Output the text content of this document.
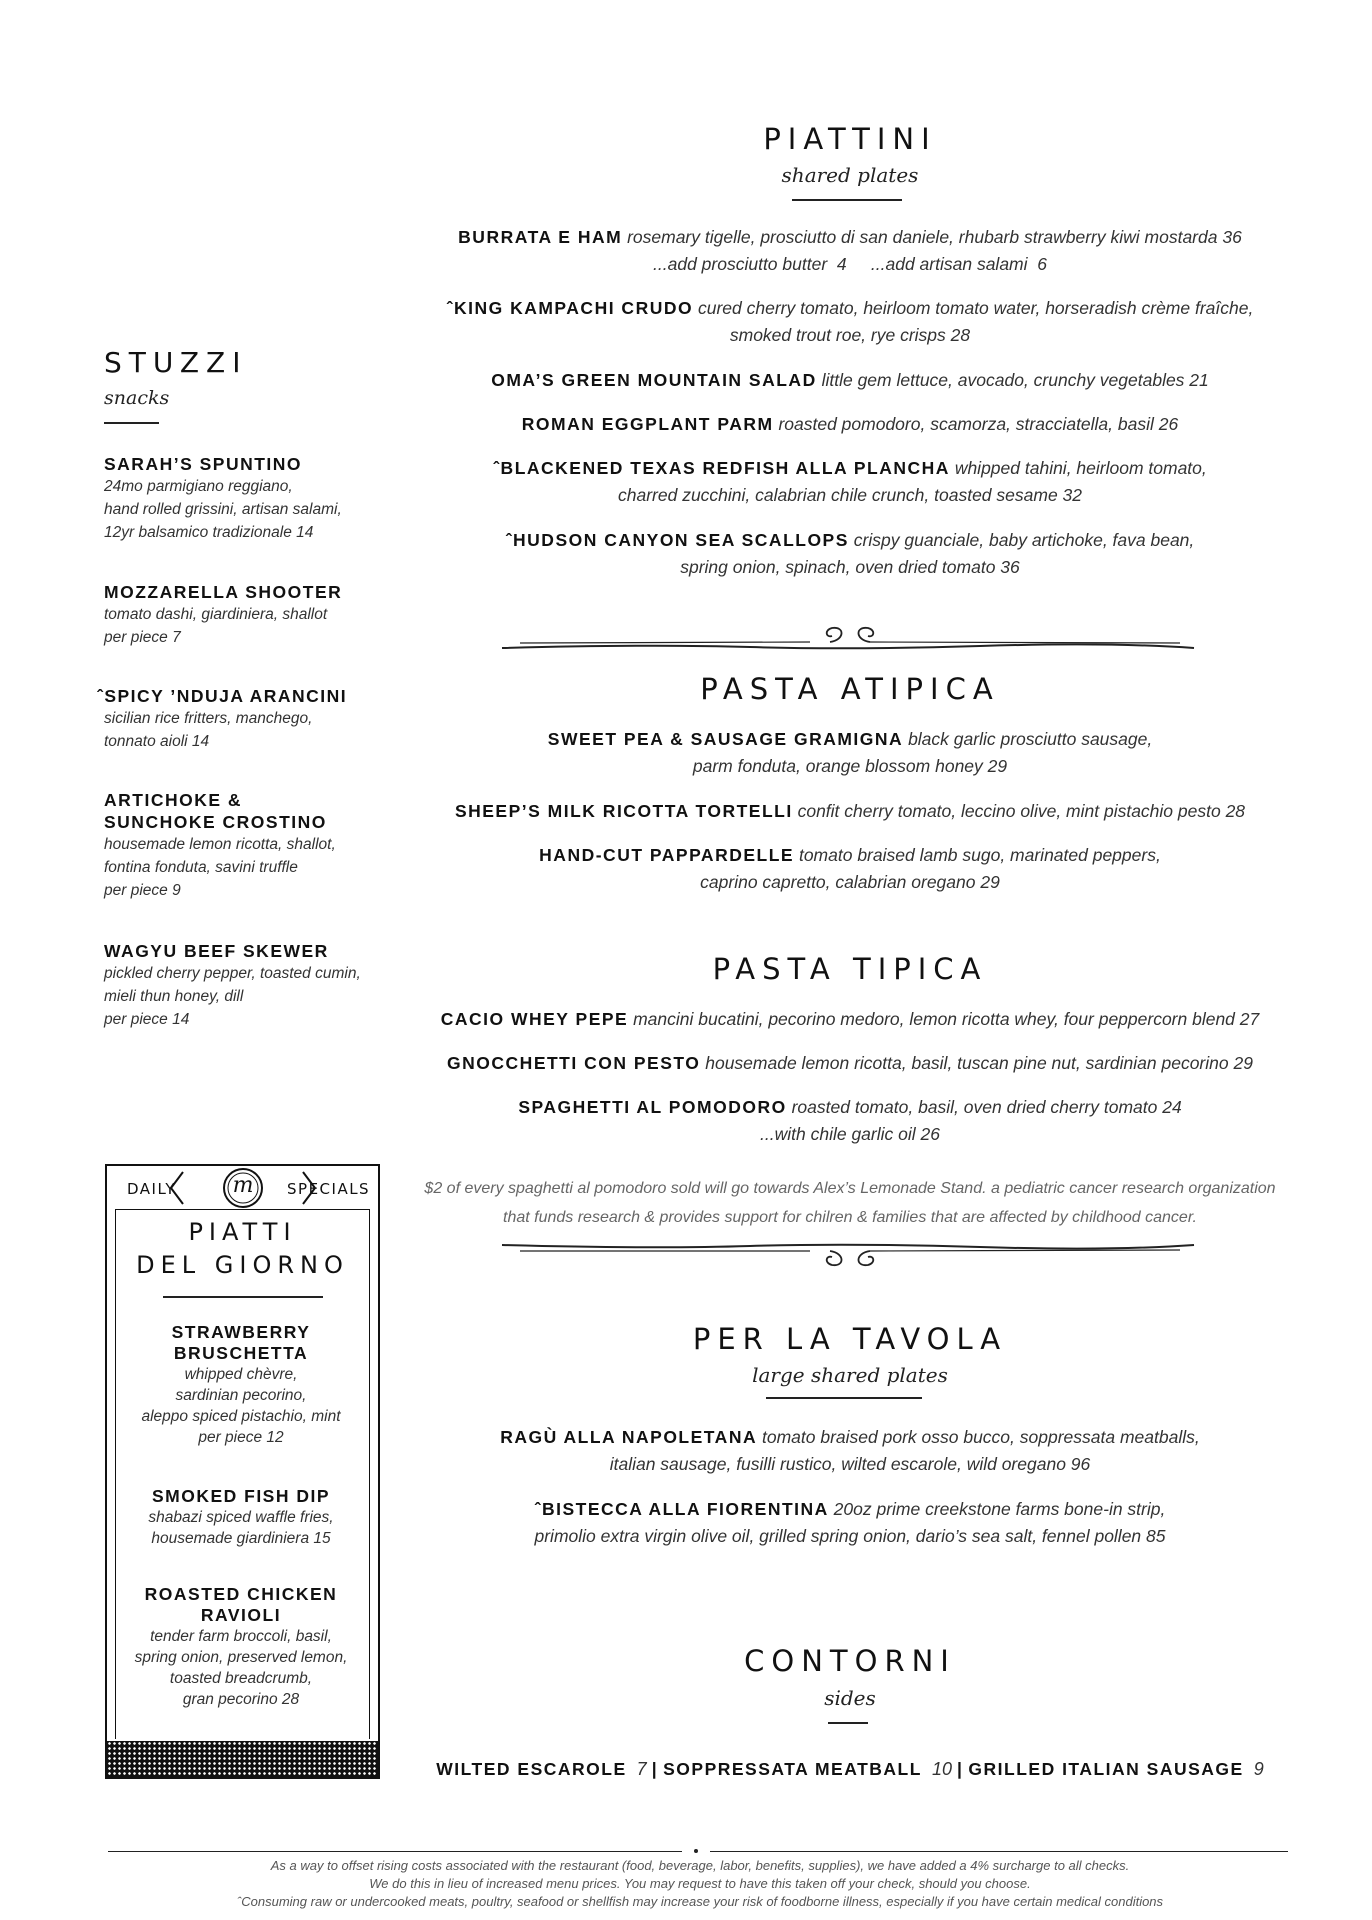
PIATTINI
shared plates
BURRATA E HAM rosemary tigelle, prosciutto di san daniele, rhubarb strawberry kiwi mostarda 36
...add prosciutto butter  4     ...add artisan salami  6
ˆKING KAMPACHI CRUDO cured cherry tomato, heirloom tomato water, horseradish crème fraîche,
smoked trout roe, rye crisps 28
OMA’S GREEN MOUNTAIN SALAD little gem lettuce, avocado, crunchy vegetables 21
ROMAN EGGPLANT PARM roasted pomodoro, scamorza, stracciatella, basil 26
ˆBLACKENED TEXAS REDFISH ALLA PLANCHA whipped tahini, heirloom tomato,
charred zucchini, calabrian chile crunch, toasted sesame 32
ˆHUDSON CANYON SEA SCALLOPS crispy guanciale, baby artichoke, fava bean,
spring onion, spinach, oven dried tomato 36
STUZZI
snacks
SARAH’S SPUNTINO
24mo parmigiano reggiano,
hand rolled grissini, artisan salami,
12yr balsamico tradizionale 14
MOZZARELLA SHOOTER
tomato dashi, giardiniera, shallot
per piece 7
ˆSPICY ’NDUJA ARANCINI
sicilian rice fritters, manchego,
tonnato aioli 14
ARTICHOKE &
SUNCHOKE CROSTINO
housemade lemon ricotta, shallot,
fontina fonduta, savini truffle
per piece 9
WAGYU BEEF SKEWER
pickled cherry pepper, toasted cumin,
mieli thun honey, dill
per piece 14
PASTA ATIPICA
SWEET PEA & SAUSAGE GRAMIGNA black garlic prosciutto sausage,
parm fonduta, orange blossom honey 29
SHEEP’S MILK RICOTTA TORTELLI confit cherry tomato, leccino olive, mint pistachio pesto 28
HAND-CUT PAPPARDELLE tomato braised lamb sugo, marinated peppers,
caprino capretto, calabrian oregano 29
PASTA TIPICA
CACIO WHEY PEPE mancini bucatini, pecorino medoro, lemon ricotta whey, four peppercorn blend 27
GNOCCHETTI CON PESTO housemade lemon ricotta, basil, tuscan pine nut, sardinian pecorino 29
SPAGHETTI AL POMODORO roasted tomato, basil, oven dried cherry tomato 24
...with chile garlic oil 26
$2 of every spaghetti al pomodoro sold will go towards Alex’s Lemonade Stand. a pediatric cancer research organization
that funds research & provides support for chilren & families that are affected by childhood cancer.
PER LA TAVOLA
large shared plates
RAGÙ ALLA NAPOLETANA tomato braised pork osso bucco, soppressata meatballs,
italian sausage, fusilli rustico, wilted escarole, wild oregano 96
ˆBISTECCA ALLA FIORENTINA 20oz prime creekstone farms bone-in strip,
primolio extra virgin olive oil, grilled spring onion, dario’s sea salt, fennel pollen 85
CONTORNI
sides
WILTED ESCAROLE 7 | SOPPRESSATA MEATBALL 10 | GRILLED ITALIAN SAUSAGE 9
DAILY	SPECIALS
m
PIATTI
DEL GIORNO
STRAWBERRY
BRUSCHETTA
whipped chèvre,
sardinian pecorino,
aleppo spiced pistachio, mint
per piece 12
SMOKED FISH DIP
shabazi spiced waffle fries,
housemade giardiniera 15
ROASTED CHICKEN
RAVIOLI
tender farm broccoli, basil,
spring onion, preserved lemon,
toasted breadcrumb,
gran pecorino 28
As a way to offset rising costs associated with the restaurant (food, beverage, labor, benefits, supplies), we have added a 4% surcharge to all checks.
We do this in lieu of increased menu prices. You may request to have this taken off your check, should you choose.
ˆConsuming raw or undercooked meats, poultry, seafood or shellfish may increase your risk of foodborne illness, especially if you have certain medical conditions
